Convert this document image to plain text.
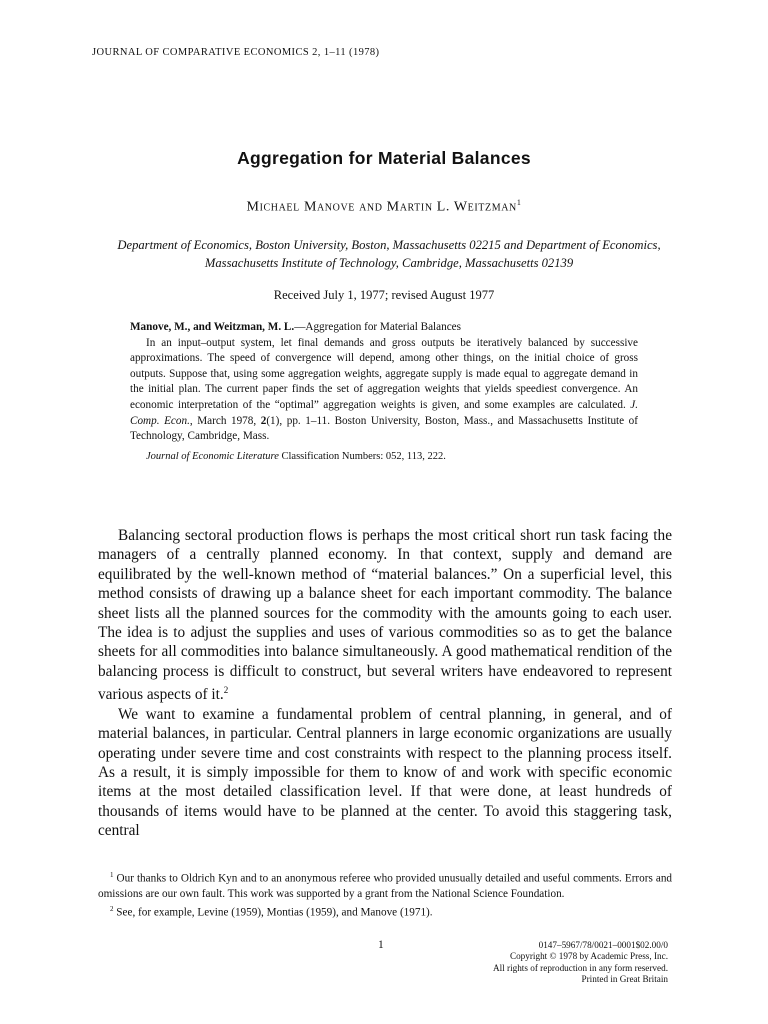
JOURNAL OF COMPARATIVE ECONOMICS 2, 1–11 (1978)
Aggregation for Material Balances
Michael Manove and Martin L. Weitzman$^1$
Department of Economics, Boston University, Boston, Massachusetts 02215 and Department of Economics, Massachusetts Institute of Technology, Cambridge, Massachusetts 02139
Received July 1, 1977; revised August 1977
Manove, M., and Weitzman, M. L.—Aggregation for Material Balances
In an input–output system, let final demands and gross outputs be iteratively balanced by successive approximations. The speed of convergence will depend, among other things, on the initial choice of gross outputs. Suppose that, using some aggregation weights, aggregate supply is made equal to aggregate demand in the initial plan. The current paper finds the set of aggregation weights that yields speediest convergence. An economic interpretation of the “optimal” aggregation weights is given, and some examples are calculated. J. Comp. Econ., March 1978, 2(1), pp. 1–11. Boston University, Boston, Mass., and Massachusetts Institute of Technology, Cambridge, Mass.
Journal of Economic Literature Classification Numbers: 052, 113, 222.

Balancing sectoral production flows is perhaps the most critical short run task facing the managers of a centrally planned economy. In that context, supply and demand are equilibrated by the well-known method of “material balances.” On a superficial level, this method consists of drawing up a balance sheet for each important commodity. The balance sheet lists all the planned sources for the commodity with the amounts going to each user. The idea is to adjust the supplies and uses of various commodities so as to get the balance sheets for all commodities into balance simultaneously. A good mathematical rendition of the balancing process is difficult to construct, but several writers have endeavored to represent various aspects of it.$^2$

We want to examine a fundamental problem of central planning, in general, and of material balances, in particular. Central planners in large economic organizations are usually operating under severe time and cost constraints with respect to the planning process itself. As a result, it is simply impossible for them to know of and work with specific economic items at the most detailed classification level. If that were done, at least hundreds of thousands of items would have to be planned at the center. To avoid this staggering task, central

$^1$ Our thanks to Oldrich Kyn and to an anonymous referee who provided unusually detailed and useful comments. Errors and omissions are our own fault. This work was supported by a grant from the National Science Foundation.

$^2$ See, for example, Levine (1959), Montias (1959), and Manove (1971).

1	0147–5967/78/0021–0001$02.00/0
Copyright © 1978 by Academic Press, Inc.
All rights of reproduction in any form reserved.
Printed in Great Britain
